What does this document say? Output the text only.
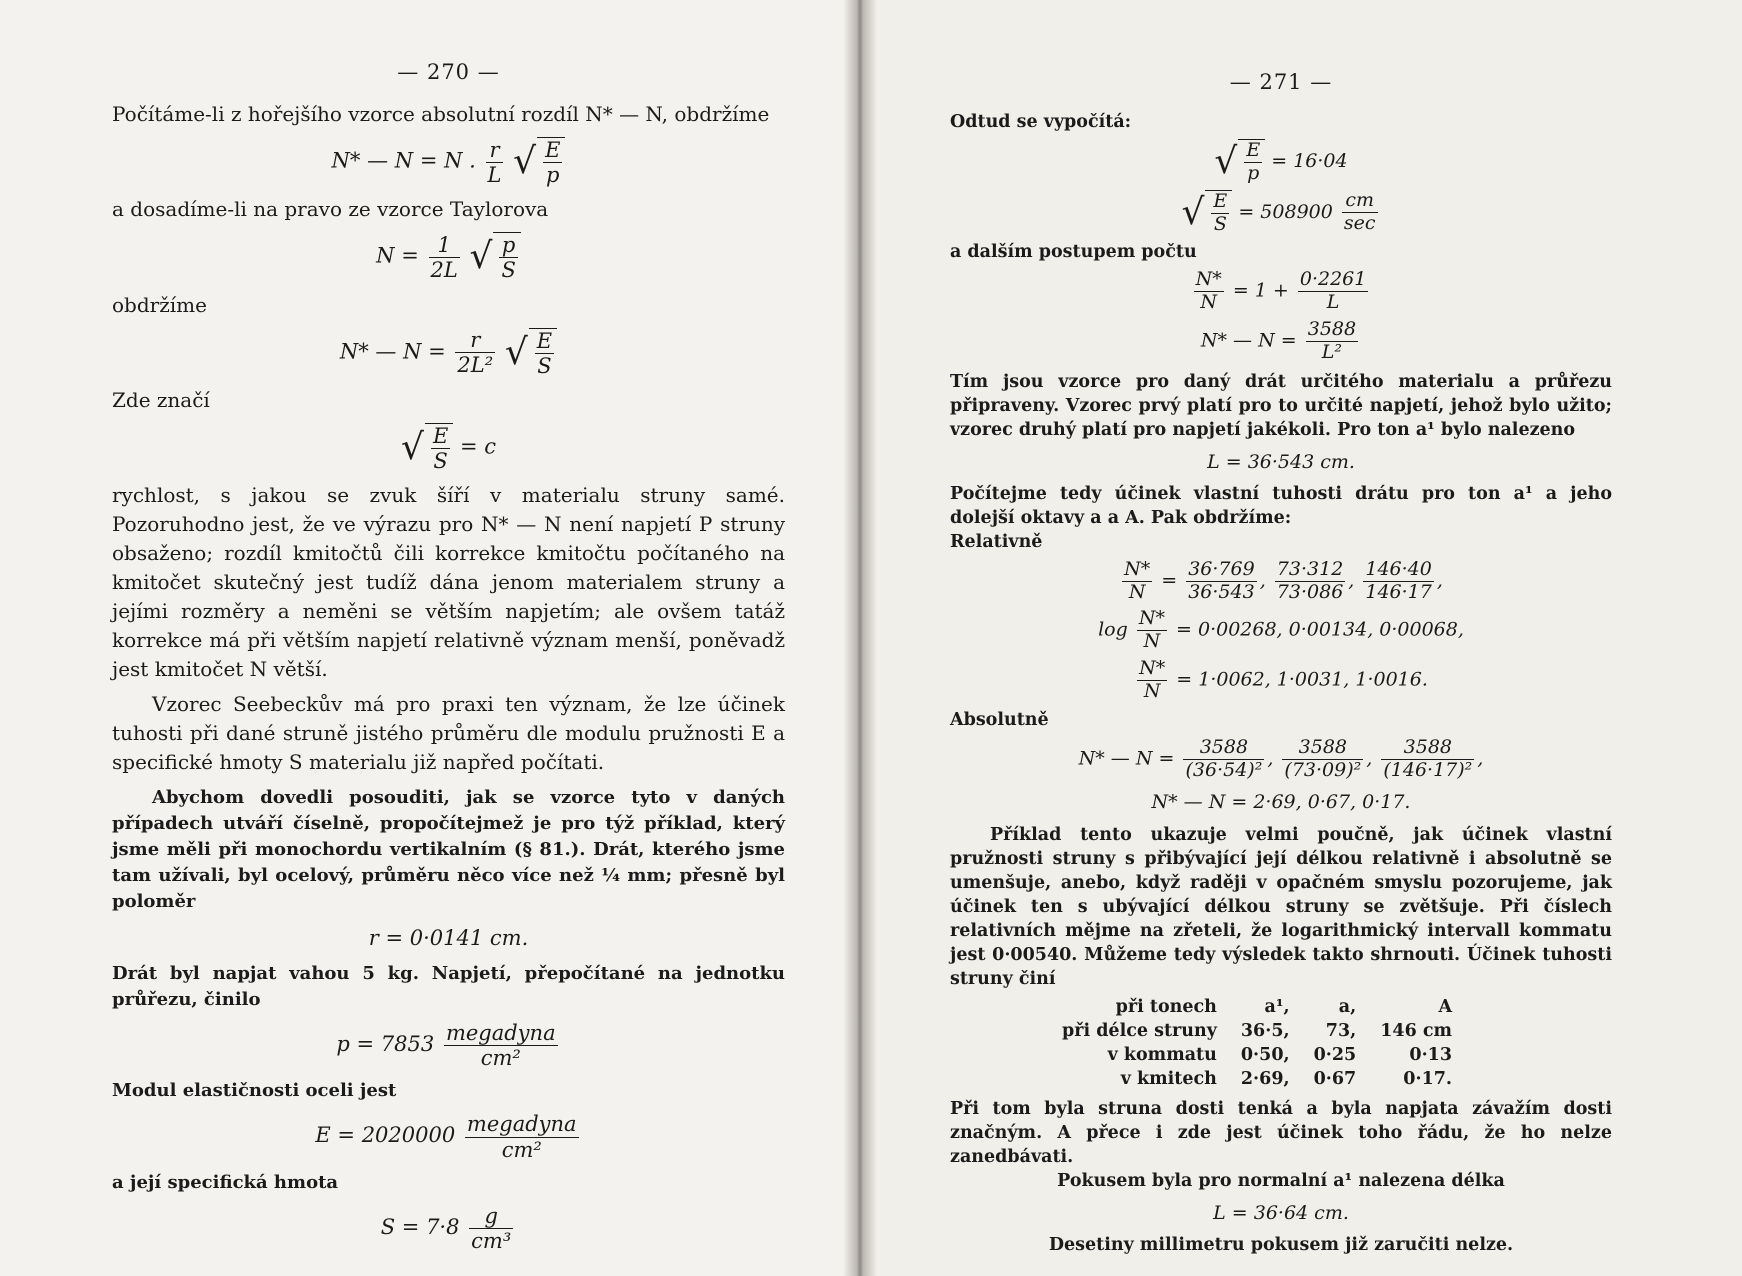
— 270 —

Počítáme-li z hořejšího vzorce absolutní rozdíl N* — N, obdržíme

N* — N = N . $\frac{r}{L}$ √ $\frac{E}{p}$

a dosadíme-li na pravo ze vzorce Taylorova

$N = \frac{1}{2L}$ √ $\frac{p}{S}$

obdržíme

N* — $N = \frac{r}{\text{2L²}}$ √ $\frac{E}{S}$

Zde značí

√ $\frac{E}{S} = c$

rychlost, s jakou se zvuk šíří v materialu struny samé. Pozoruhodno jest, že ve výrazu pro N* — N není napjetí P struny obsaženo; rozdíl kmitočtů čili korrekce kmitočtu počítaného na kmitočet skutečný jest tudíž dána jenom materialem struny a jejími rozměry a neměni se větším napjetím; ale ovšem tatáž korrekce má při větším napjetí relativně význam menší, poněvadž jest kmitočet N větší.

Vzorec Seebeckův má pro praxi ten význam, že lze účinek tuhosti při dané struně jistého průměru dle modulu pružnosti E a specifické hmoty S materialu již napřed počítati.

Abychom dovedli posouditi, jak se vzorce tyto v daných případech utváří číselně, propočítejmež je pro týž příklad, který jsme měli při monochordu vertikalním (§ 81.). Drát, kterého jsme tam užívali, byl ocelový, průměru něco více než ¼ mm; přesně byl poloměr

r = 0·0141 cm.

Drát byl napjat vahou 5 kg. Napjetí, přepočítané na jednotku průřezu, činilo

$p = 7853 \frac{\text{megadyna}}{\text{cm²}}$

Modul elastičnosti oceli jest

$E = 2020000 \frac{\text{megadyna}}{\text{cm²}}$

a její specifická hmota

$S = 7\cdot 8 \frac{g}{\text{cm³}}$
— 271 —

Odtud se vypočítá:

√ $\frac{E}{p} = 16\cdot 04$
√ $\frac{E}{S} = 508900 \frac{cm}{\sec}$

a dalším postupem počtu

$\frac{N*}{N} = 1 + \frac{0\cdot 2261}{L}$
N* — $N = \frac{3588}{\text{L²}}$

Tím jsou vzorce pro daný drát určitého materialu a průřezu připraveny. Vzorec prvý platí pro to určité napjetí, jehož bylo užito; vzorec druhý platí pro napjetí jakékoli. Pro ton a¹ bylo nalezeno

L = 36·543 cm.

Počítejme tedy účinek vlastní tuhosti drátu pro ton a¹ a jeho dolejší oktavy a a A. Pak obdržíme:

Relativně

$\frac{N*}{N} = \frac{36\cdot 769}{36\cdot 543}$ , $\frac{73\cdot 312}{73\cdot 086}$ , $\frac{146\cdot 40}{146\cdot 17}$ ,
$\log \frac{N*}{N} = 0\cdot 00268$, 0·00134, 0·00068,
$\frac{N*}{N} = 1\cdot 0062$, 1·0031, 1·0016.

Absolutně

N* — $N = \frac{3588}{\text{(36·54)²}}$ , $\frac{3588}{\text{(73·09)²}}$ , $\frac{3588}{\text{(146·17)²}}$ ,
N* — N = 2·69, 0·67, 0·17.

Příklad tento ukazuje velmi poučně, jak účinek vlastní pružnosti struny s přibývající její délkou relativně i absolutně se umenšuje, anebo, když raději v opačném smyslu pozorujeme, jak účinek ten s ubývající délkou struny se zvětšuje. Při číslech relativních mějme na zřeteli, že logarithmický intervall kommatu jest 0·00540. Můžeme tedy výsledek takto shrnouti. Účinek tuhosti struny činí

při tonech	a¹,	a,	A
při délce struny	36·5,	73,	146 cm
v kommatu	0·50,	0·25	0·13
v kmitech	2·69,	0·67	0·17.

Při tom byla struna dosti tenká a byla napjata závažím dosti značným. A přece i zde jest účinek toho řádu, že ho nelze zanedbávati.

Pokusem byla pro normalní a¹ nalezena délka

L = 36·64 cm.

Desetiny millimetru pokusem již zaručiti nelze.
